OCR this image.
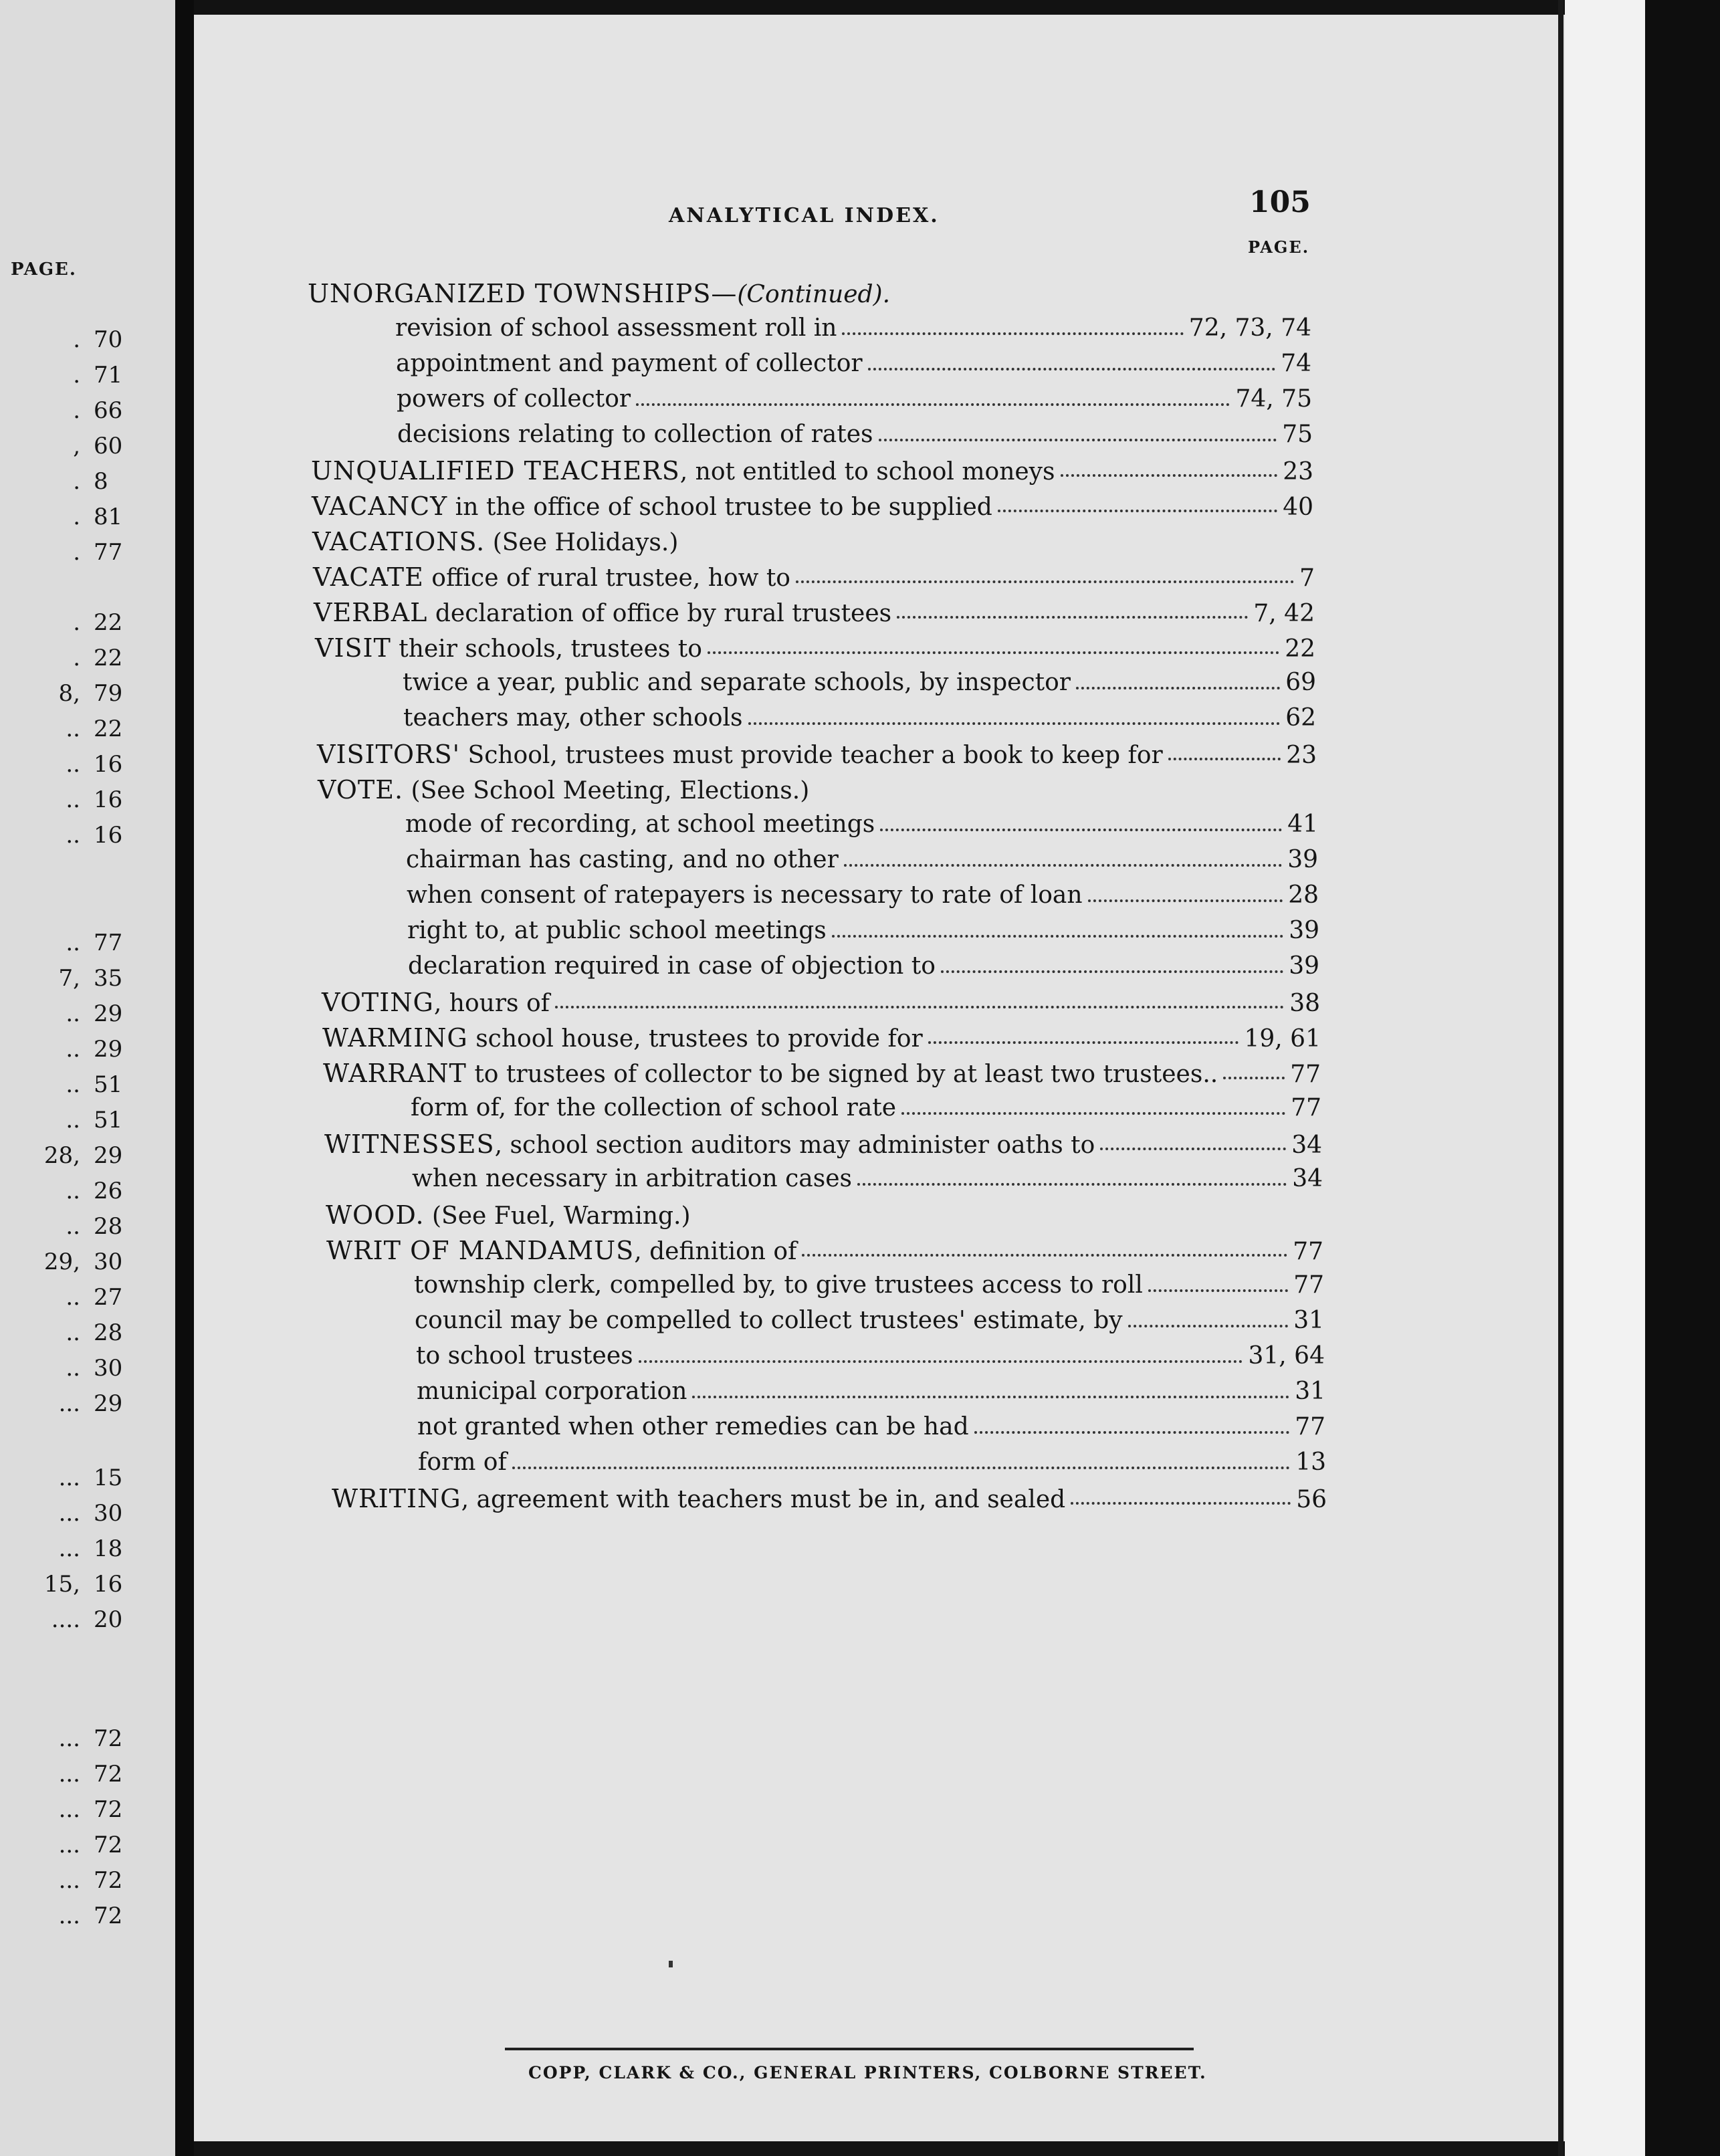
PAGE.
. 70
. 71
. 66
, 60
. 8
. 81
. 77
. 22
. 22
8, 79
.. 22
.. 16
.. 16
.. 16
.. 77
7, 35
.. 29
.. 29
.. 51
.. 51
28, 29
.. 26
.. 28
29, 30
.. 27
.. 28
.. 30
... 29
... 15
... 30
... 18
15, 16
.... 20
... 72
... 72
... 72
... 72
... 72
... 72
ANALYTICAL INDEX.	105
PAGE.
UNORGANIZED TOWNSHIPS—(Continued).
revision of school assessment roll in	72, 73, 74
appointment and payment of collector	74
powers of collector	74, 75
decisions relating to collection of rates	75
UNQUALIFIED TEACHERS, not entitled to school moneys	23
VACANCY in the office of school trustee to be supplied	40
VACATIONS. (See Holidays.)
VACATE office of rural trustee, how to	7
VERBAL declaration of office by rural trustees	7, 42
VISIT their schools, trustees to	22
twice a year, public and separate schools, by inspector	69
teachers may, other schools	62
VISITORS' School, trustees must provide teacher a book to keep for	23
VOTE. (See School Meeting, Elections.)
mode of recording, at school meetings	41
chairman has casting, and no other	39
when consent of ratepayers is necessary to rate of loan	28
right to, at public school meetings	39
declaration required in case of objection to	39
VOTING, hours of	38
WARMING school house, trustees to provide for	19, 61
WARRANT to trustees of collector to be signed by at least two trustees..	77
form of, for the collection of school rate	77
WITNESSES, school section auditors may administer oaths to	34
when necessary in arbitration cases	34
WOOD. (See Fuel, Warming.)
WRIT OF MANDAMUS, definition of	77
township clerk, compelled by, to give trustees access to roll	77
council may be compelled to collect trustees' estimate, by	31
to school trustees	31, 64
municipal corporation	31
not granted when other remedies can be had	77
form of	13
WRITING, agreement with teachers must be in, and sealed	56
COPP, CLARK & CO., GENERAL PRINTERS, COLBORNE STREET.
